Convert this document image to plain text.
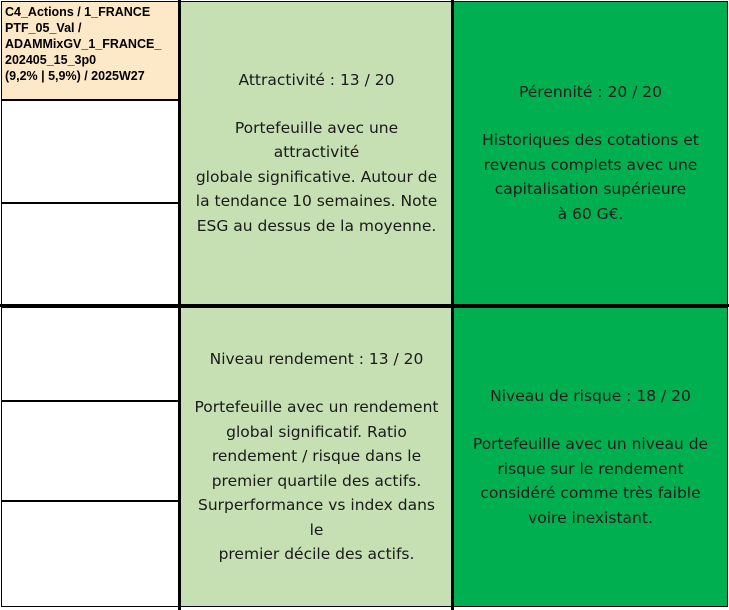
C4_Actions / 1_FRANCE
PTF_05_Val /
ADAMMixGV_1_FRANCE_
202405_15_3p0
(9,2% | 5,9%) / 2025W27	Attractivité : 13 / 20
Portefeuille avec une attractivité
globale significative. Autour de
la tendance 10 semaines. Note
ESG au dessus de la moyenne.
Pérennité : 20 / 20
Historiques des cotations et
revenus complets avec une
capitalisation supérieure
à 60 G€.
Niveau rendement : 13 / 20
Portefeuille avec un rendement
global significatif. Ratio
rendement / risque dans le
premier quartile des actifs.
Surperformance vs index dans le
premier décile des actifs.
Niveau de risque : 18 / 20
Portefeuille avec un niveau de
risque sur le rendement
considéré comme très faible
voire inexistant.
